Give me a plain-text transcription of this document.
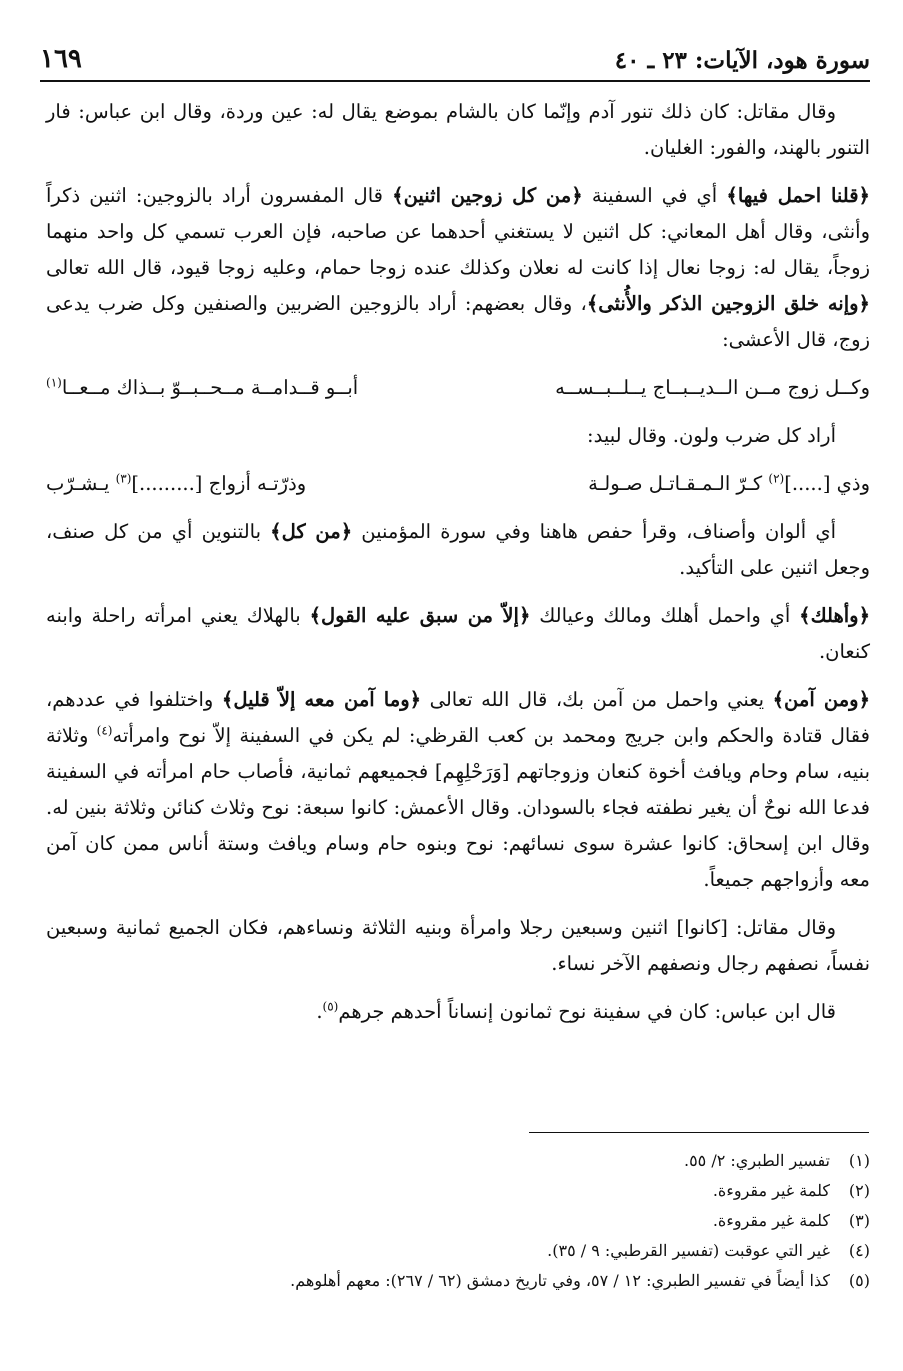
سورة هود، الآيات: ٢٣ ـ ٤٠
١٦٩

وقال مقاتل: كان ذلك تنور آدم وإنّما كان بالشام بموضع يقال له: عين وردة، وقال ابن عباس: فار التنور بالهند، والفور: الغليان.

﴿قلنا احمل فيها﴾ أي في السفينة ﴿من كل زوجين اثنين﴾ قال المفسرون أراد بالزوجين: اثنين ذكراً وأنثى، وقال أهل المعاني: كل اثنين لا يستغني أحدهما عن صاحبه، فإن العرب تسمي كل واحد منهما زوجاً، يقال له: زوجا نعال إذا كانت له نعلان وكذلك عنده زوجا حمام، وعليه زوجا قيود، قال الله تعالى ﴿وإنه خلق الزوجين الذكر والأُنثى﴾، وقال بعضهم: أراد بالزوجين الضربين والصنفين وكل ضرب يدعى زوج، قال الأعشى:

وكــل زوج مــن الــديــبــاج يــلــبــســه
أبــو قــدامــة مــحــبــوّ بــذاك مــعــا$^{(١)}$

أراد كل ضرب ولون. وقال لبيد:

وذي [.....]$^{(٢)}$ كـرّ الـمـقـاتـل صـولـة
وذرّتـه أزواج [.........]$^{(٣)}$ يـشـرّب

أي ألوان وأصناف، وقرأ حفص هاهنا وفي سورة المؤمنين ﴿من كل﴾ بالتنوين أي من كل صنف، وجعل اثنين على التأكيد.

﴿وأهلك﴾ أي واحمل أهلك ومالك وعيالك ﴿إلاّ من سبق عليه القول﴾ بالهلاك يعني امرأته راحلة وابنه كنعان.

﴿ومن آمن﴾ يعني واحمل من آمن بك، قال الله تعالى ﴿وما آمن معه إلاّ قليل﴾ واختلفوا في عددهم، فقال قتادة والحكم وابن جريج ومحمد بن كعب القرظي: لم يكن في السفينة إلاّ نوح وامرأته$^{(٤)}$ وثلاثة بنيه، سام وحام ويافث أخوة كنعان وزوجاتهم [وَرَحْلِهِم] فجميعهم ثمانية، فأصاب حام امرأته في السفينة فدعا الله نوحٌ أن يغير نطفته فجاء بالسودان. وقال الأعمش: كانوا سبعة: نوح وثلاث كنائن وثلاثة بنين له. وقال ابن إسحاق: كانوا عشرة سوى نسائهم: نوح وبنوه حام وسام ويافث وستة أناس ممن كان آمن معه وأزواجهم جميعاً.

وقال مقاتل: [كانوا] اثنين وسبعين رجلا وامرأة وبنيه الثلاثة ونساءهم، فكان الجميع ثمانية وسبعين نفساً، نصفهم رجال ونصفهم الآخر نساء.

قال ابن عباس: كان في سفينة نوح ثمانون إنساناً أحدهم جرهم$^{(٥)}$.

(١)تفسير الطبري: ٢/ ٥٥.

(٢)كلمة غير مقروءة.

(٣)كلمة غير مقروءة.

(٤)غير التي عوقبت (تفسير القرطبي: ٩ / ٣٥).

(٥)كذا أيضاً في تفسير الطبري: ١٢ / ٥٧، وفي تاريخ دمشق (٦٢ / ٢٦٧): معهم أهلوهم.
